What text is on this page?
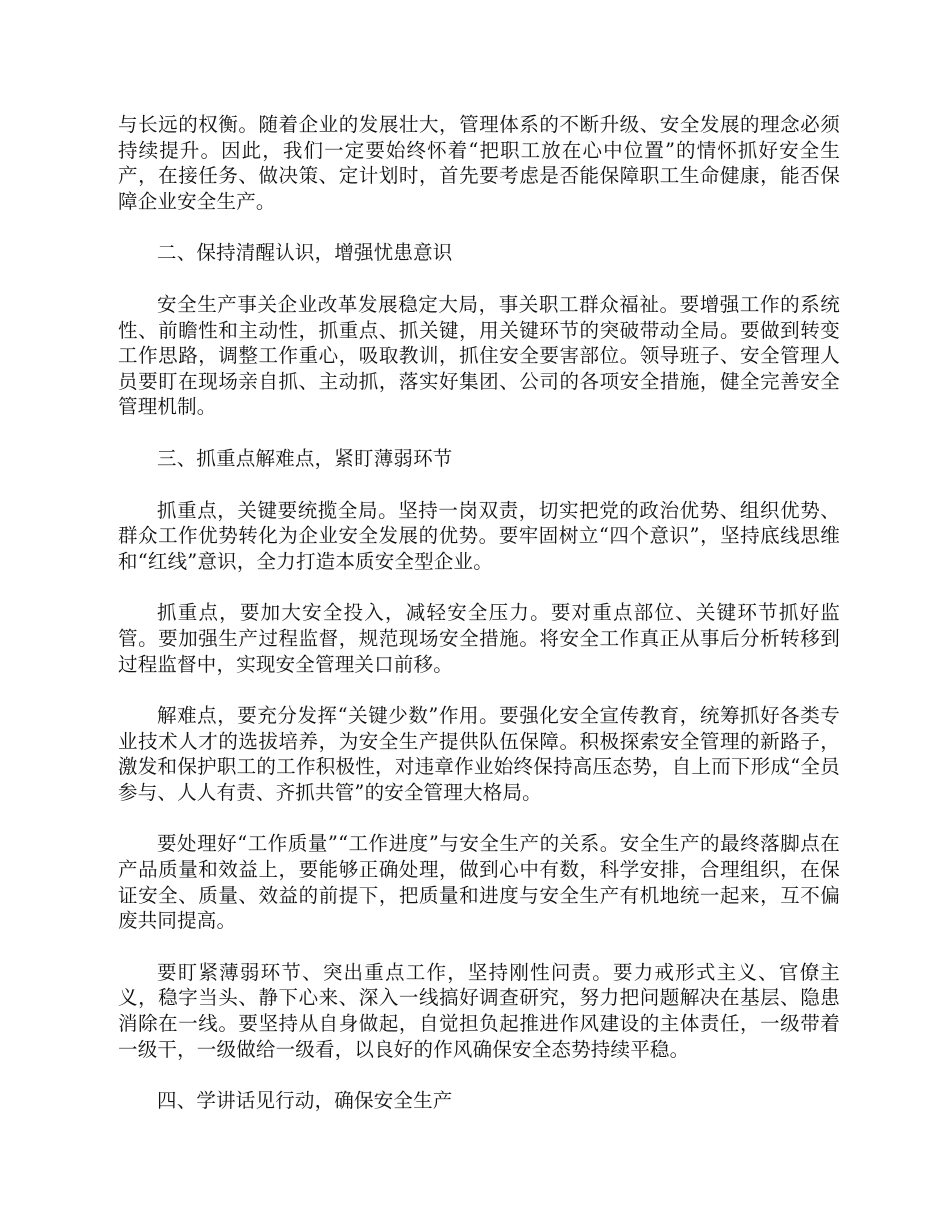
与长远的权衡。随着企业的发展壮大，管理体系的不断升级、安全发展的理念必须持续提升。因此，我们一定要始终怀着“把职工放在心中位置”的情怀抓好安全生产，在接任务、做决策、定计划时，首先要考虑是否能保障职工生命健康，能否保障企业安全生产。

二、保持清醒认识，增强忧患意识

安全生产事关企业改革发展稳定大局，事关职工群众福祉。要增强工作的系统性、前瞻性和主动性，抓重点、抓关键，用关键环节的突破带动全局。要做到转变工作思路，调整工作重心，吸取教训，抓住安全要害部位。领导班子、安全管理人员要盯在现场亲自抓、主动抓，落实好集团、公司的各项安全措施，健全完善安全管理机制。

三、抓重点解难点，紧盯薄弱环节

抓重点，关键要统揽全局。坚持一岗双责，切实把党的政治优势、组织优势、群众工作优势转化为企业安全发展的优势。要牢固树立“四个意识”，坚持底线思维和“红线”意识，全力打造本质安全型企业。

抓重点，要加大安全投入，减轻安全压力。要对重点部位、关键环节抓好监管。要加强生产过程监督，规范现场安全措施。将安全工作真正从事后分析转移到过程监督中，实现安全管理关口前移。

解难点，要充分发挥“关键少数”作用。要强化安全宣传教育，统筹抓好各类专业技术人才的选拔培养，为安全生产提供队伍保障。积极探索安全管理的新路子，激发和保护职工的工作积极性，对违章作业始终保持高压态势，自上而下形成“全员参与、人人有责、齐抓共管”的安全管理大格局。

要处理好“工作质量”“工作进度”与安全生产的关系。安全生产的最终落脚点在产品质量和效益上，要能够正确处理，做到心中有数，科学安排，合理组织，在保证安全、质量、效益的前提下，把质量和进度与安全生产有机地统一起来，互不偏废共同提高。

要盯紧薄弱环节、突出重点工作，坚持刚性问责。要力戒形式主义、官僚主义，稳字当头、静下心来、深入一线搞好调查研究，努力把问题解决在基层、隐患消除在一线。要坚持从自身做起，自觉担负起推进作风建设的主体责任，一级带着一级干，一级做给一级看，以良好的作风确保安全态势持续平稳。

四、学讲话见行动，确保安全生产
